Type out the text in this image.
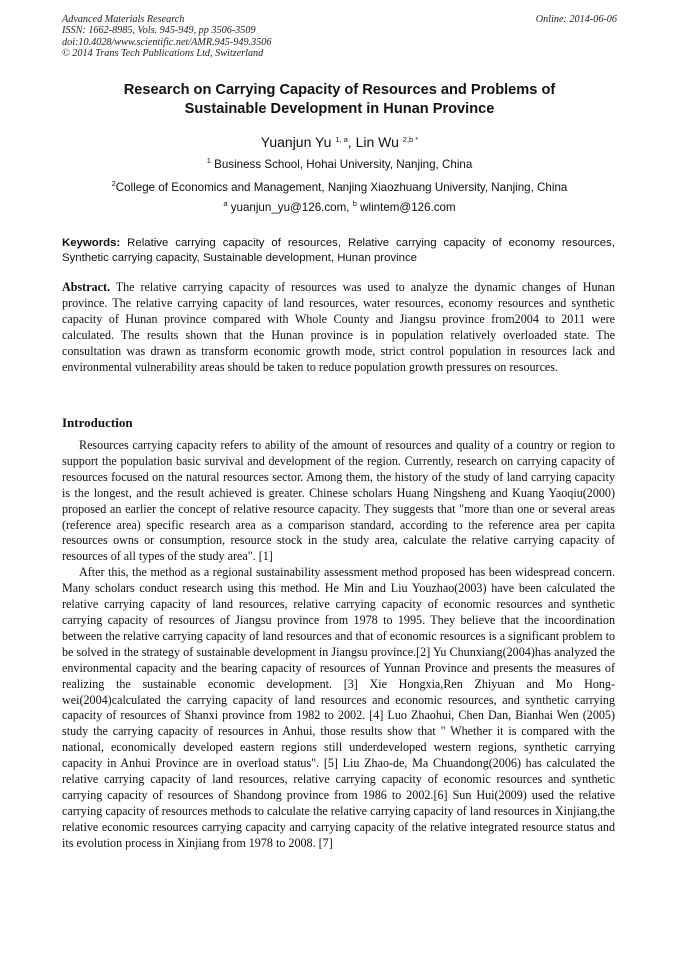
Advanced Materials Research
ISSN: 1662-8985, Vols. 945-949, pp 3506-3509
doi:10.4028/www.scientific.net/AMR.945-949.3506
© 2014 Trans Tech Publications Ltd, Switzerland
Online: 2014-06-06
Research on Carrying Capacity of Resources and Problems of
Sustainable Development in Hunan Province
Yuanjun Yu $^{1, a}$, Lin Wu $^{2,b *}$
$^1$ Business School, Hohai University, Nanjing, China
$^2$College of Economics and Management, Nanjing Xiaozhuang University, Nanjing, China
$^a$ yuanjun_yu@126.com, $^b$ wlintem@126.com
Keywords: Relative carrying capacity of resources, Relative carrying capacity of economy resources, Synthetic carrying capacity, Sustainable development, Hunan province
Abstract. The relative carrying capacity of resources was used to analyze the dynamic changes of Hunan province. The relative carrying capacity of land resources, water resources, economy resources and synthetic capacity of Hunan province compared with Whole County and Jiangsu province from2004 to 2011 were calculated. The results shown that the Hunan province is in population relatively overloaded state. The consultation was drawn as transform economic growth mode, strict control population in resources lack and environmental vulnerability areas should be taken to reduce population growth pressures on resources.
Introduction

Resources carrying capacity refers to ability of the amount of resources and quality of a country or region to support the population basic survival and development of the region. Currently, research on carrying capacity of resources focused on the natural resources sector. Among them, the history of the study of land carrying capacity is the longest, and the result achieved is greater. Chinese scholars Huang Ningsheng and Kuang Yaoqiu(2000) proposed an earlier the concept of relative resource capacity. They suggests that "more than one or several areas (reference area) specific research area as a comparison standard, according to the reference area per capita resources owns or consumption, resource stock in the study area, calculate the relative carrying capacity of resources of all types of the study area". [1]

After this, the method as a regional sustainability assessment method proposed has been widespread concern. Many scholars conduct research using this method. He Min and Liu Youzhao(2003) have been calculated the relative carrying capacity of land resources, relative carrying capacity of economic resources and synthetic carrying capacity of resources of Jiangsu province from 1978 to 1995. They believe that the incoordination between the relative carrying capacity of land resources and that of economic resources is a significant problem to be solved in the strategy of sustainable development in Jiangsu province.[2] Yu Chunxiang(2004)has analyzed the environmental capacity and the bearing capacity of resources of Yunnan Province and presents the measures of realizing the sustainable economic development. [3] Xie Hongxia,Ren Zhiyuan and Mo Hong-wei(2004)calculated the carrying capacity of land resources and economic resources, and synthetic carrying capacity of resources of Shanxi province from 1982 to 2002. [4] Luo Zhaohui, Chen Dan, Bianhai Wen (2005) study the carrying capacity of resources in Anhui, those results show that " Whether it is compared with the national, economically developed eastern regions still underdeveloped western regions, synthetic carrying capacity in Anhui Province are in overload status". [5] Liu Zhao-de, Ma Chuandong(2006) has calculated the relative carrying capacity of land resources, relative carrying capacity of economic resources and synthetic carrying capacity of resources of Shandong province from 1986 to 2002.[6] Sun Hui(2009) used the relative carrying capacity of resources methods to calculate the relative carrying capacity of land resources in Xinjiang,the relative economic resources carrying capacity and carrying capacity of the relative integrated resource status and its evolution process in Xinjiang from 1978 to 2008. [7]
